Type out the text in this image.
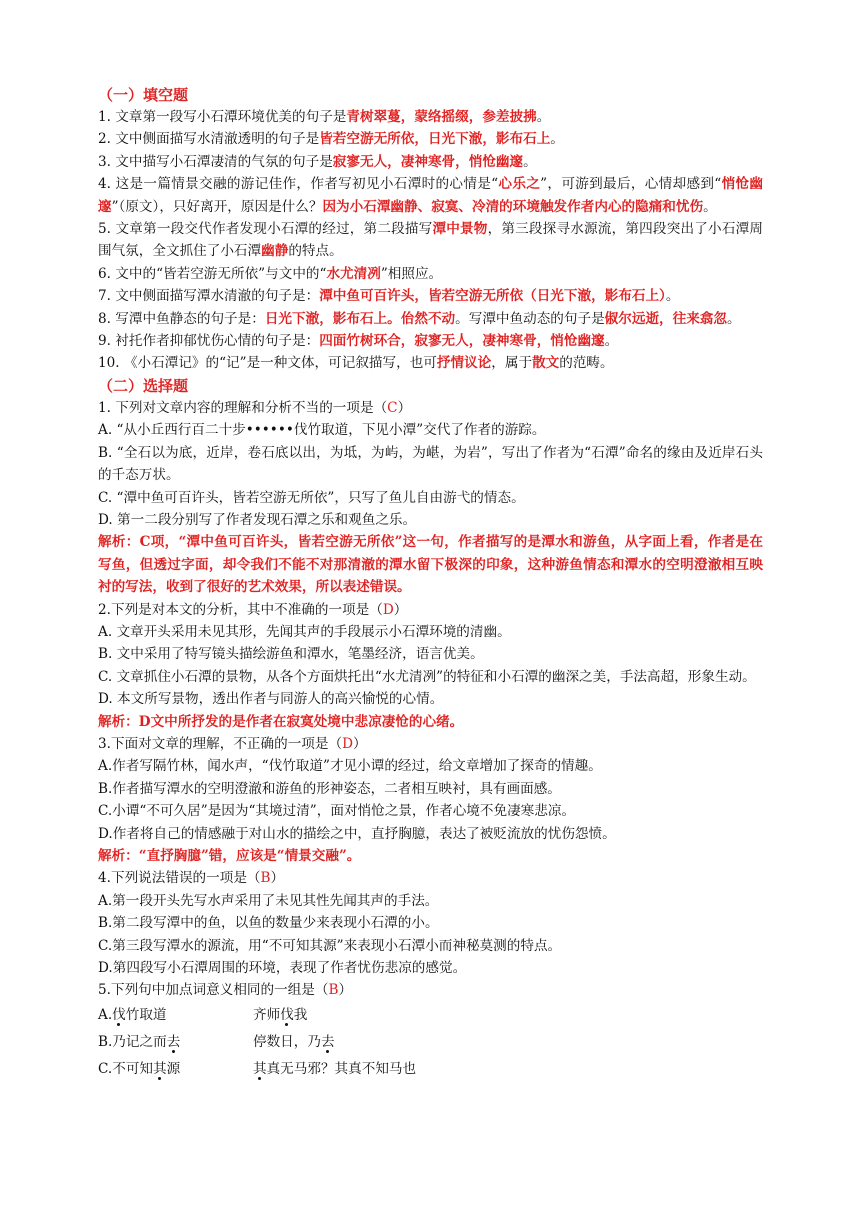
（一）填空题

1. 文章第一段写小石潭环境优美的句子是青树翠蔓，蒙络摇缀，参差披拂。

2. 文中侧面描写水清澈透明的句子是皆若空游无所依，日光下澈，影布石上。

3. 文中描写小石潭凄清的气氛的句子是寂寥无人，凄神寒骨，悄怆幽邃。

4. 这是一篇情景交融的游记佳作，作者写初见小石潭时的心情是“心乐之”，可游到最后，心情却感到“悄怆幽邃”（原文），只好离开，原因是什么？因为小石潭幽静、寂寞、冷清的环境触发作者内心的隐痛和忧伤。

5. 文章第一段交代作者发现小石潭的经过，第二段描写潭中景物，第三段探寻水源流，第四段突出了小石潭周围气氛，全文抓住了小石潭幽静的特点。

6. 文中的“皆若空游无所依”与文中的“水尤清冽”相照应。

7. 文中侧面描写潭水清澈的句子是：潭中鱼可百许头，皆若空游无所依（日光下澈，影布石上）。

8. 写潭中鱼静态的句子是：日光下澈，影布石上。佁然不动。写潭中鱼动态的句子是俶尔远逝，往来翕忽。

9. 衬托作者抑郁忧伤心情的句子是：四面竹树环合，寂寥无人，凄神寒骨，悄怆幽邃。

10. 《小石潭记》的“记”是一种文体，可记叙描写，也可抒情议论，属于散文的范畴。

（二）选择题

1. 下列对文章内容的理解和分析不当的一项是（C）

A. “从小丘西行百二十步••••••伐竹取道，下见小潭”交代了作者的游踪。

B. “全石以为底，近岸，卷石底以出，为坻，为屿，为嵁，为岩”，写出了作者为“石潭”命名的缘由及近岸石头的千态万状。

C. “潭中鱼可百许头，皆若空游无所依”，只写了鱼儿自由游弋的情态。

D. 第一二段分别写了作者发现石潭之乐和观鱼之乐。

解析：C项，“潭中鱼可百许头，皆若空游无所依”这一句，作者描写的是潭水和游鱼，从字面上看，作者是在写鱼，但透过字面，却令我们不能不对那清澈的潭水留下极深的印象，这种游鱼情态和潭水的空明澄澈相互映衬的写法，收到了很好的艺术效果，所以表述错误。

2.下列是对本文的分析，其中不准确的一项是（D）

A. 文章开头采用未见其形，先闻其声的手段展示小石潭环境的清幽。

B. 文中采用了特写镜头描绘游鱼和潭水，笔墨经济，语言优美。

C. 文章抓住小石潭的景物，从各个方面烘托出“水尤清冽”的特征和小石潭的幽深之美，手法高超，形象生动。

D. 本文所写景物，透出作者与同游人的高兴愉悦的心情。

解析：D文中所抒发的是作者在寂寞处境中悲凉凄怆的心绪。

3.下面对文章的理解，不正确的一项是（D）

A.作者写隔竹林，闻水声，“伐竹取道”才见小谭的经过，给文章增加了探奇的情趣。

B.作者描写潭水的空明澄澈和游鱼的形神姿态，二者相互映衬，具有画面感。

C.小谭“不可久居”是因为“其境过清”，面对悄怆之景，作者心境不免凄寒悲凉。

D.作者将自己的情感融于对山水的描绘之中，直抒胸臆，表达了被贬流放的忧伤怨愤。

解析：“直抒胸臆”错，应该是“情景交融”。

4.下列说法错误的一项是（B）

A.第一段开头先写水声采用了未见其性先闻其声的手法。

B.第二段写潭中的鱼，以鱼的数量少来表现小石潭的小。

C.第三段写潭水的源流，用“不可知其源”来表现小石潭小而神秘莫测的特点。

D.第四段写小石潭周围的环境，表现了作者忧伤悲凉的感觉。

5.下列句中加点词意义相同的一组是（B）

A.伐竹取道	齐师伐我
B.乃记之而去	停数日，乃去
C.不可知其源	其真无马邪？其真不知马也
